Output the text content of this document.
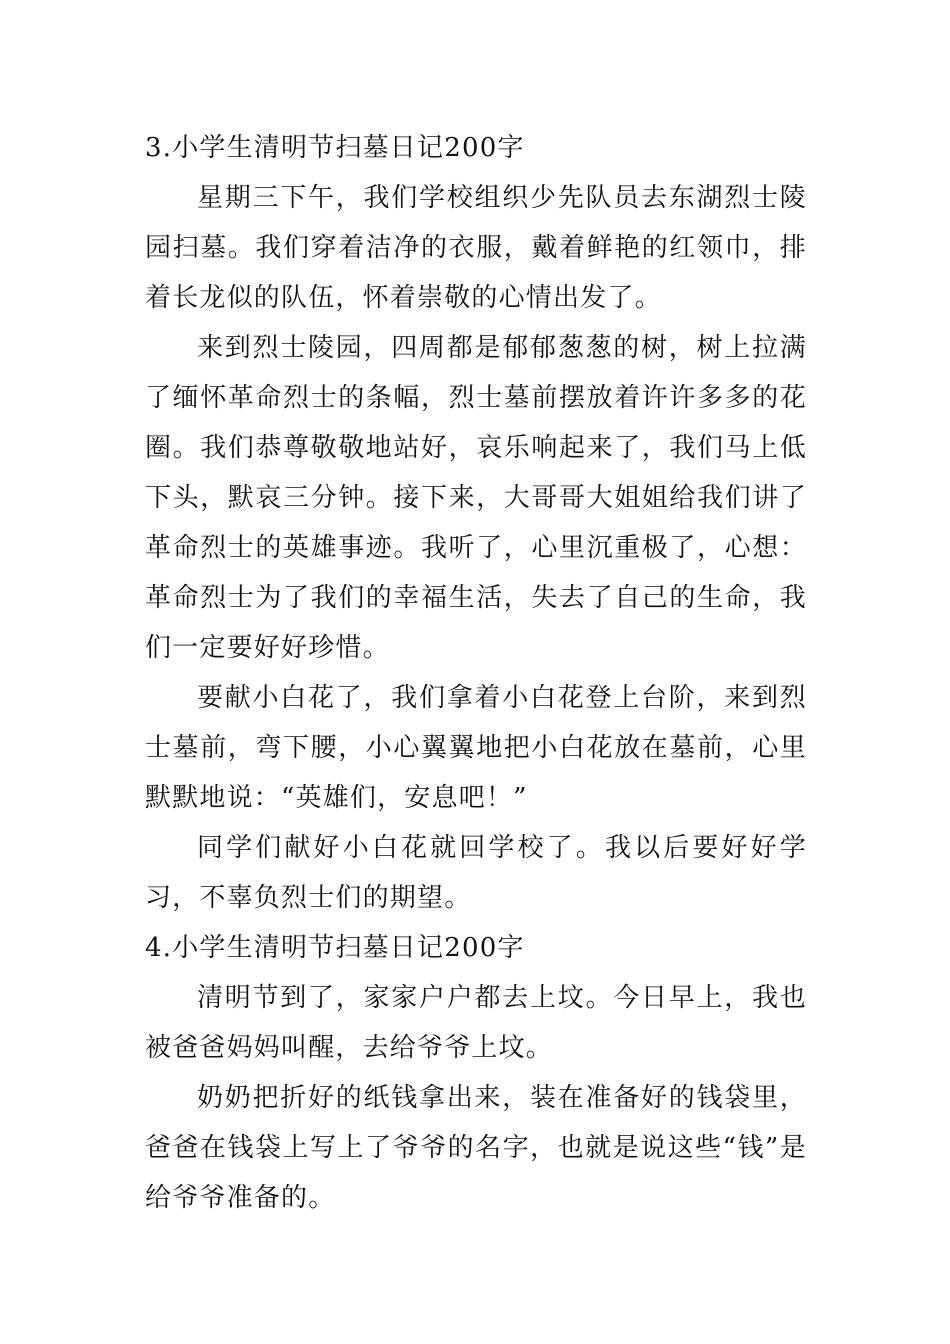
3.小学生清明节扫墓日记200字

星期三下午，我们学校组织少先队员去东湖烈士陵园扫墓。我们穿着洁净的衣服，戴着鲜艳的红领巾，排着长龙似的队伍，怀着崇敬的心情出发了。

来到烈士陵园，四周都是郁郁葱葱的树，树上拉满了缅怀革命烈士的条幅，烈士墓前摆放着许许多多的花圈。我们恭尊敬敬地站好，哀乐响起来了，我们马上低下头，默哀三分钟。接下来，大哥哥大姐姐给我们讲了革命烈士的英雄事迹。我听了，心里沉重极了，心想：革命烈士为了我们的幸福生活，失去了自己的生命，我们一定要好好珍惜。

要献小白花了，我们拿着小白花登上台阶，来到烈士墓前，弯下腰，小心翼翼地把小白花放在墓前，心里默默地说：“英雄们，安息吧！”

同学们献好小白花就回学校了。我以后要好好学习，不辜负烈士们的期望。

4.小学生清明节扫墓日记200字

清明节到了，家家户户都去上坟。今日早上，我也被爸爸妈妈叫醒，去给爷爷上坟。

奶奶把折好的纸钱拿出来，装在准备好的钱袋里，爸爸在钱袋上写上了爷爷的名字，也就是说这些“钱”是给爷爷准备的。
